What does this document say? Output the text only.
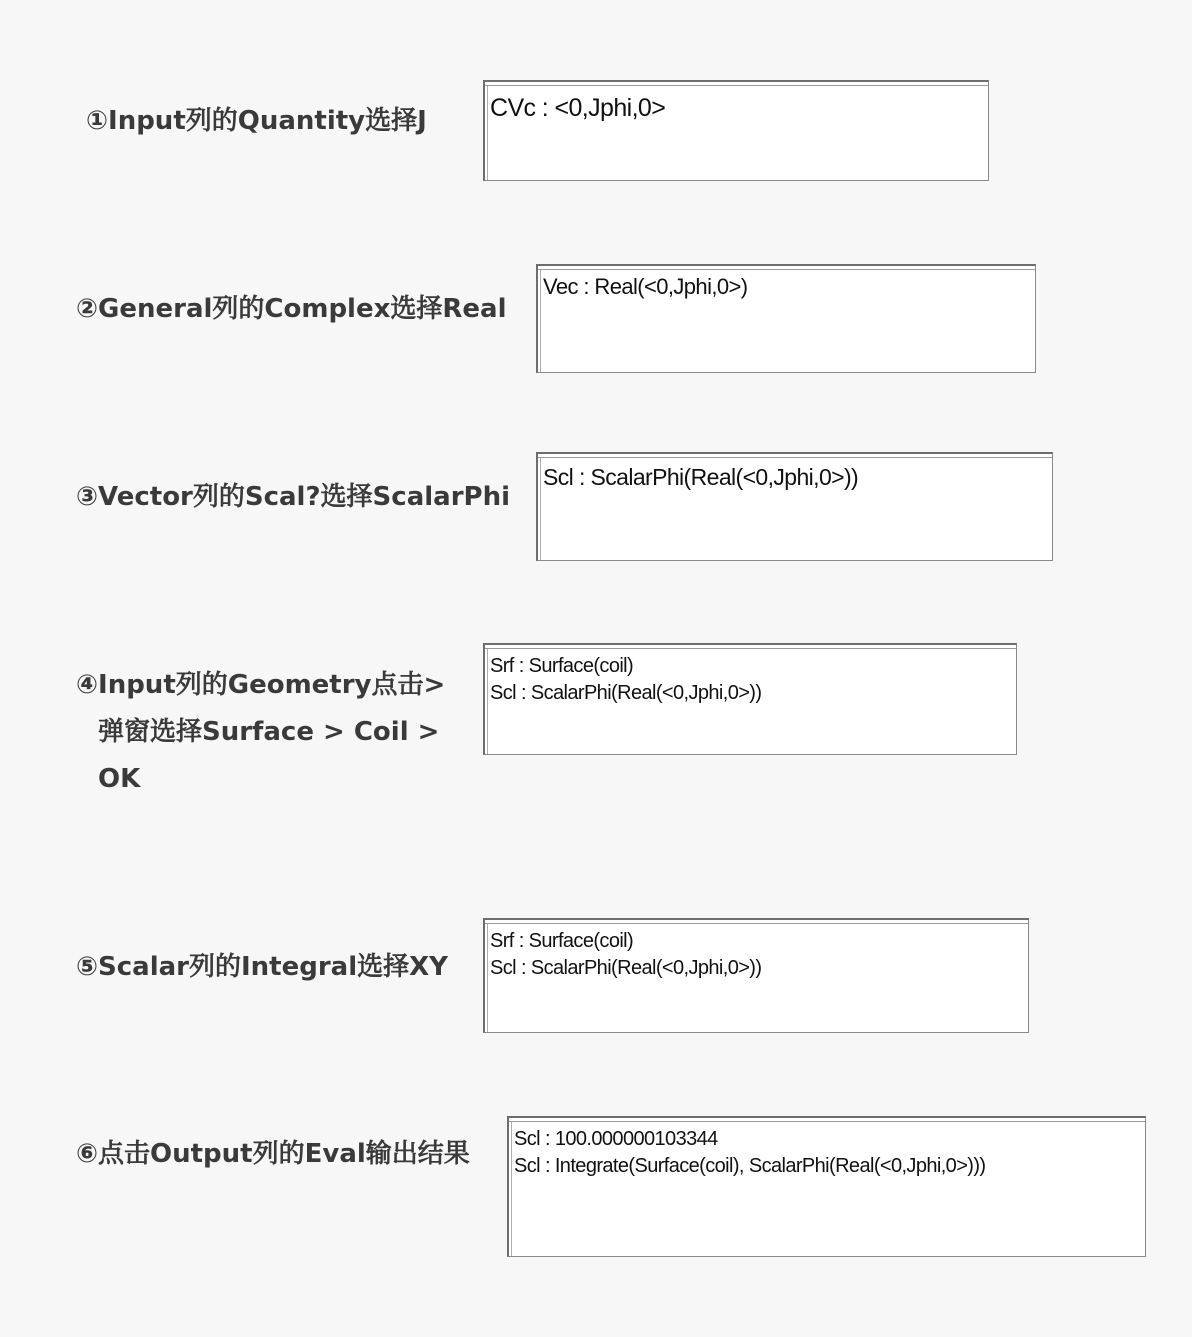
①Input列的Quantity选择J	CVc : <0,Jphi,0>
②General列的Complex选择Real
Vec : Real(<0,Jphi,0>)
③Vector列的Scal?选择ScalarPhi
Scl : ScalarPhi(Real(<0,Jphi,0>))
④Input列的Geometry点击>
弹窗选择Surface > Coil >
OK
Srf : Surface(coil)
Scl : ScalarPhi(Real(<0,Jphi,0>))
⑤Scalar列的Integral选择XY
Srf : Surface(coil)
Scl : ScalarPhi(Real(<0,Jphi,0>))
⑥点击Output列的Eval输出结果 Scl : 100.000000103344
Scl : Integrate(Surface(coil), ScalarPhi(Real(<0,Jphi,0>)))
